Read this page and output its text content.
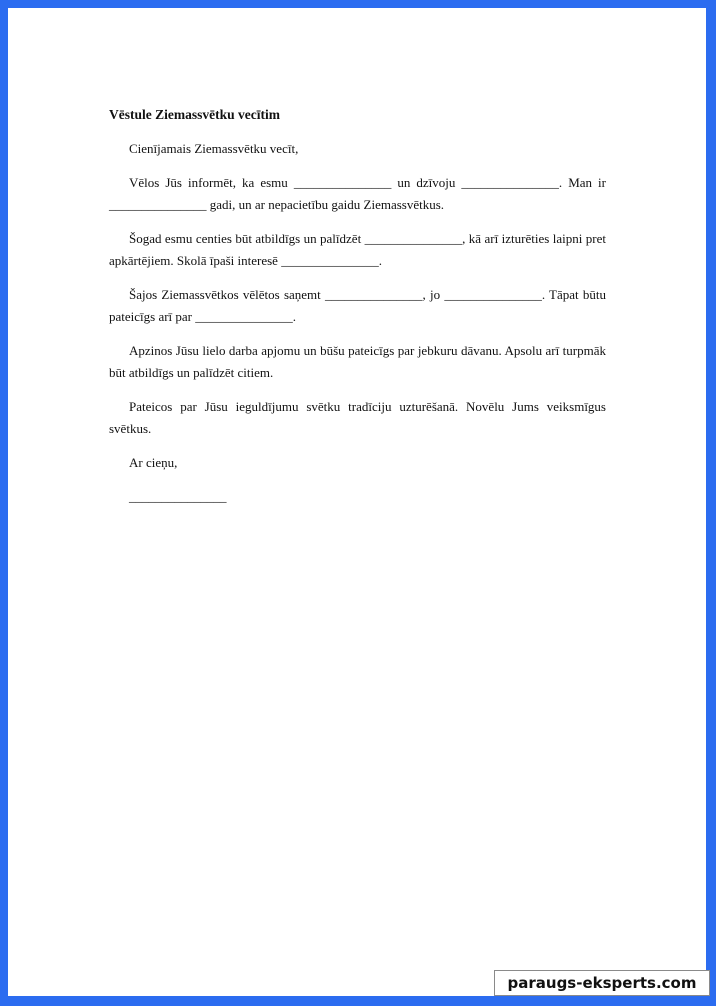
Vēstule Ziemassvētku vecītim

Cienījamais Ziemassvētku vecīt,

Vēlos Jūs informēt, ka esmu _______________ un dzīvoju _______________. Man ir _______________ gadi, un ar nepacietību gaidu Ziemassvētkus.

Šogad esmu centies būt atbildīgs un palīdzēt _______________, kā arī izturēties laipni pret apkārtējiem. Skolā īpaši interesē _______________.

Šajos Ziemassvētkos vēlētos saņemt _______________, jo _______________. Tāpat būtu pateicīgs arī par _______________.

Apzinos Jūsu lielo darba apjomu un būšu pateicīgs par jebkuru dāvanu. Apsolu arī turpmāk būt atbildīgs un palīdzēt citiem.

Pateicos par Jūsu ieguldījumu svētku tradīciju uzturēšanā. Novēlu Jums veiksmīgus svētkus.

Ar cieņu,

_______________

paraugs-eksperts.com
